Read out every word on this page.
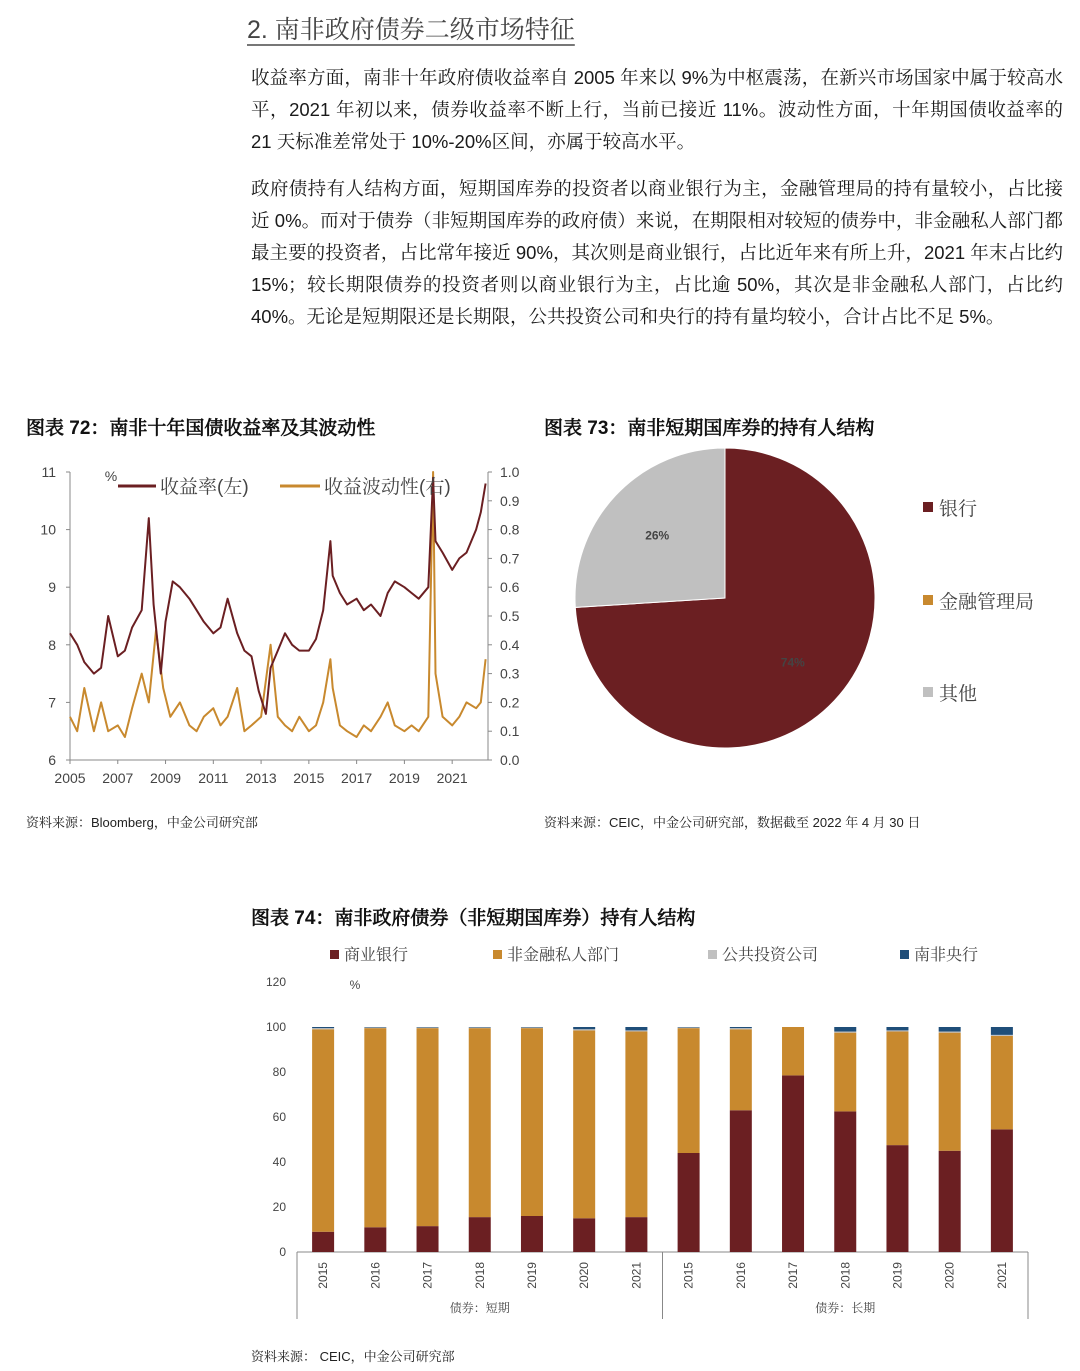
2. 南非政府债券二级市场特征

收益率方面，南非十年政府债收益率自 2005 年来以 9%为中枢震荡，在新兴市场国家中属于较高水平，2021 年初以来，债券收益率不断上行，当前已接近 11%。波动性方面，十年期国债收益率的 21 天标准差常处于 10%-20%区间，亦属于较高水平。

政府债持有人结构方面，短期国库券的投资者以商业银行为主，金融管理局的持有量较小，占比接近 0%。而对于债券（非短期国库券的政府债）来说，在期限相对较短的债券中，非金融私人部门都最主要的投资者，占比常年接近 90%，其次则是商业银行，占比近年来有所上升，2021 年末占比约 15%；较长期限债券的投资者则以商业银行为主，占比逾 50%，其次是非金融私人部门，占比约 40%。无论是短期限还是长期限，公共投资公司和央行的持有量均较小，合计占比不足 5%。

图表 72：南非十年国债收益率及其波动性
6
7
8
9
10
11
0.0
0.1
0.2
0.3
0.4
0.5
0.6
0.7
0.8
0.9
1.0
2005 2007 2009 2011 2013 2015 2017 2019 2021
%
收益率(左)	收益波动性(右)
资料来源：Bloomberg，中金公司研究部
图表 73：南非短期国库券的持有人结构
74%
26%
银行
金融管理局
其他
资料来源：CEIC，中金公司研究部，数据截至 2022 年 4 月 30 日
图表 74：南非政府债券（非短期国库券）持有人结构
商业银行	非金融私人部门	公共投资公司	南非央行
%
0
20
40
60
80
100
120
2015	2016	2017	2018	2019	2020	2021	2015	2016	2017	2018	2019	2020	2021
债券：短期	债券：长期
资料来源： CEIC，中金公司研究部
